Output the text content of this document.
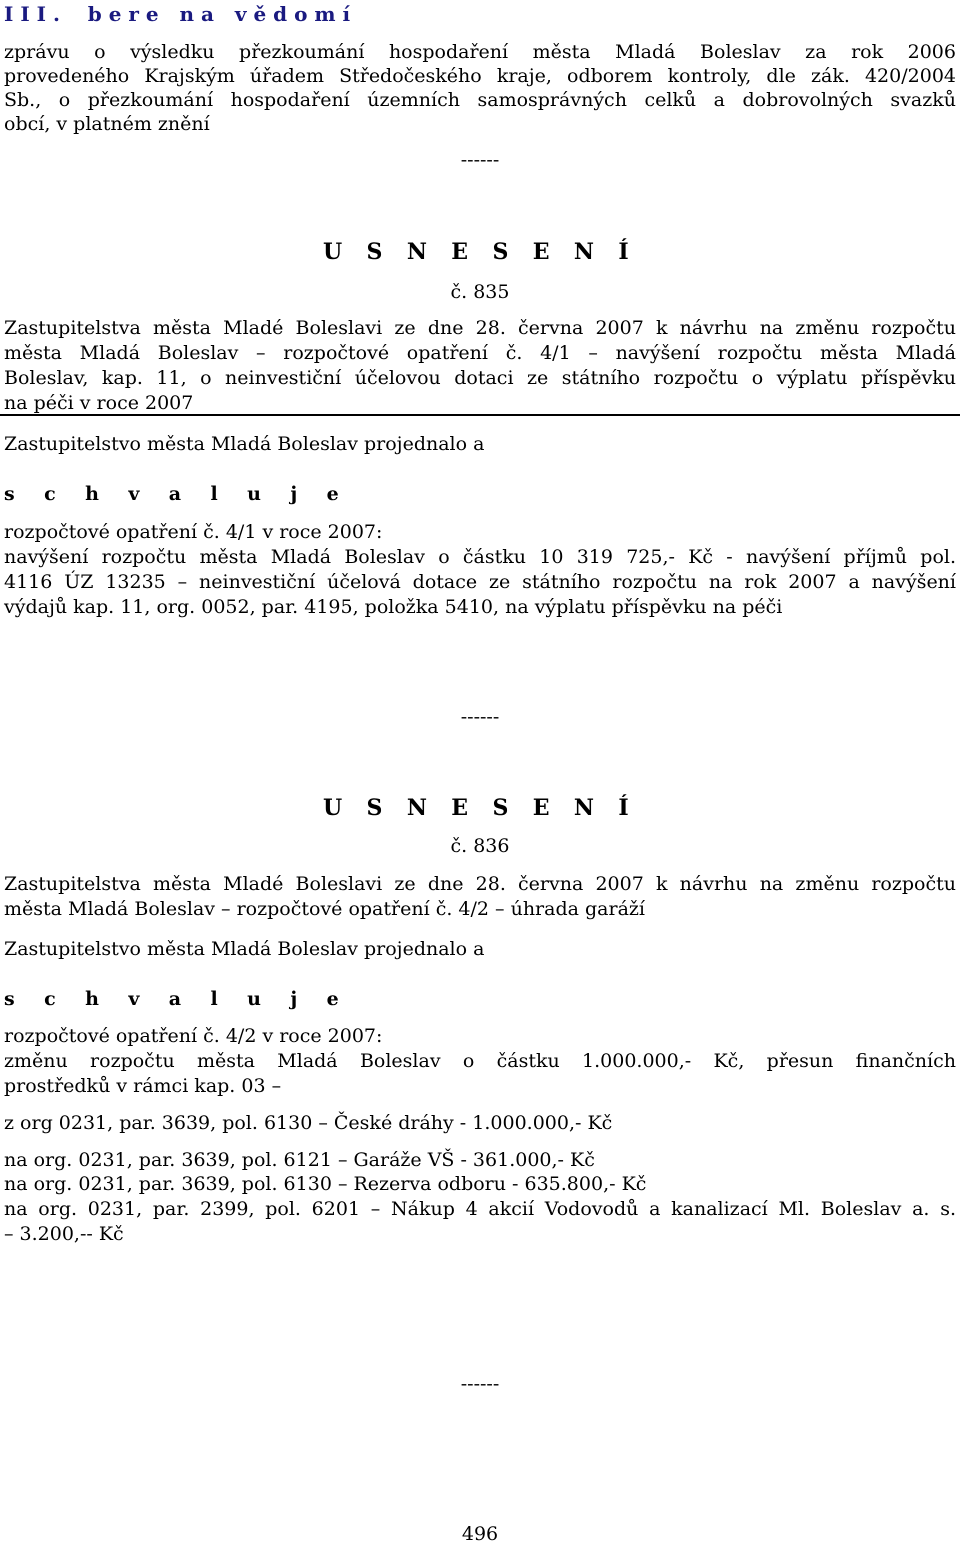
I I I .    b e r e   n a   v ě d o m í
zprávu o výsledku přezkoumání hospodaření města Mladá Boleslav za rok 2006
provedeného Krajským úřadem Středočeského kraje, odborem kontroly, dle zák. 420/2004
Sb., o přezkoumání hospodaření územních samosprávných celků a dobrovolných svazků
obcí, v platném znění
------
U S N E S E N Í
č. 835
Zastupitelstva města Mladé Boleslavi ze dne 28. června 2007 k návrhu na změnu rozpočtu
města Mladá Boleslav – rozpočtové opatření č. 4/1 – navýšení rozpočtu města Mladá
Boleslav, kap. 11, o neinvestiční účelovou dotaci ze státního rozpočtu o výplatu příspěvku
na péči v roce 2007
Zastupitelstvo města Mladá Boleslav projednalo a
s c h v a l u j e
rozpočtové opatření č. 4/1 v roce 2007:
navýšení rozpočtu města Mladá Boleslav o částku 10 319 725,- Kč - navýšení příjmů pol.
4116 ÚZ 13235 – neinvestiční účelová dotace ze státního rozpočtu na rok 2007 a navýšení
výdajů kap. 11, org. 0052, par. 4195, položka 5410, na výplatu příspěvku na péči
------
U S N E S E N Í
č. 836
Zastupitelstva města Mladé Boleslavi ze dne 28. června 2007 k návrhu na změnu rozpočtu
města Mladá Boleslav – rozpočtové opatření č. 4/2 – úhrada garáží
Zastupitelstvo města Mladá Boleslav projednalo a
s c h v a l u j e
rozpočtové opatření č. 4/2 v roce 2007:
změnu rozpočtu města Mladá Boleslav o částku 1.000.000,- Kč, přesun finančních
prostředků v rámci kap. 03 –
z org 0231, par. 3639, pol. 6130 – České dráhy - 1.000.000,- Kč
na org. 0231, par. 3639, pol. 6121 – Garáže VŠ - 361.000,- Kč
na org. 0231, par. 3639, pol. 6130 – Rezerva odboru - 635.800,- Kč
na org. 0231, par. 2399, pol. 6201 – Nákup 4 akcií Vodovodů a kanalizací Ml. Boleslav a. s.
– 3.200,-- Kč
------
496
